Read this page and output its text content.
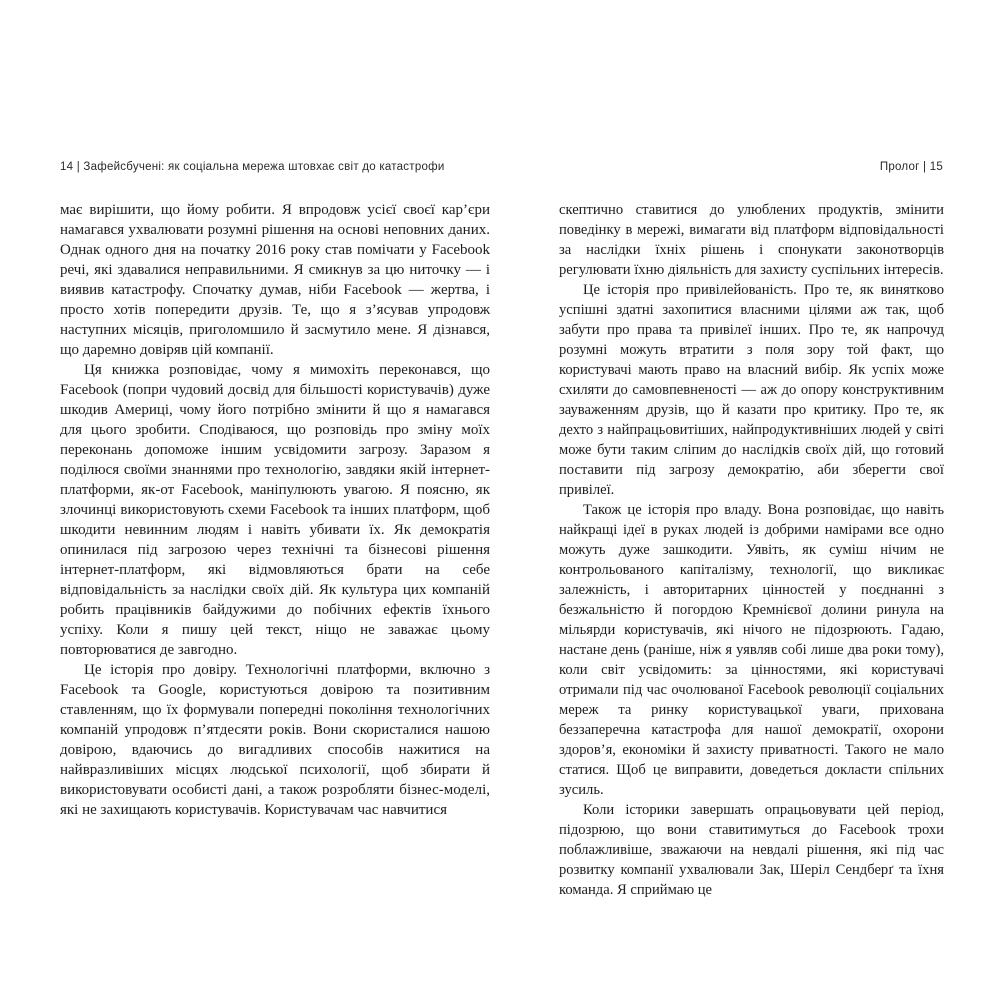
14 | Зафейсбучені: як соціальна мережа штовхає світ до катастрофи	Пролог | 15

має вирішити, що йому робити. Я впродовж усієї своєї кар’єри намагався ухвалювати розумні рішення на основі неповних даних. Однак одного дня на початку 2016 року став помічати у Facebook речі, які здавалися неправильними. Я смикнув за цю ниточку — і виявив катастрофу. Спочатку думав, ніби Facebook — жертва, і просто хотів попередити друзів. Те, що я з’ясував упродовж наступних місяців, приголомшило й засмутило мене. Я дізнався, що даремно довіряв цій компанії.

Ця книжка розповідає, чому я мимохіть переконався, що Facebook (попри чудовий досвід для більшості користувачів) дуже шкодив Америці, чому його потрібно змінити й що я намагався для цього зробити. Сподіваюся, що розповідь про зміну моїх переконань допоможе іншим усвідомити загрозу. Заразом я поділюся своїми знаннями про технологію, завдяки якій інтернет-платформи, як-от Facebook, маніпулюють увагою. Я поясню, як злочинці використовують схеми Facebook та інших платформ, щоб шкодити невинним людям і навіть убивати їх. Як демократія опинилася під загрозою через технічні та бізнесові рішення інтернет-платформ, які відмовляються брати на себе відповідальність за наслідки своїх дій. Як культура цих компаній робить працівників байдужими до побічних ефектів їхнього успіху. Коли я пишу цей текст, ніщо не заважає цьому повторюватися де завгодно.

Це історія про довіру. Технологічні платформи, включно з Facebook та Google, користуються довірою та позитивним ставленням, що їх формували попередні покоління технологічних компаній упродовж п’ятдесяти років. Вони скористалися нашою довірою, вдаючись до вигадливих способів нажитися на найвразливіших місцях людської психології, щоб збирати й використовувати особисті дані, а також розробляти бізнес-моделі, які не захищають користувачів. Користувачам час навчитися

скептично ставитися до улюблених продуктів, змінити поведінку в мережі, вимагати від платформ відповідальності за наслідки їхніх рішень і спонукати законотворців регулювати їхню діяльність для захисту суспільних інтересів.

Це історія про привілейованість. Про те, як винятково успішні здатні захопитися власними цілями аж так, щоб забути про права та привілеї інших. Про те, як напрочуд розумні можуть втратити з поля зору той факт, що користувачі мають право на власний вибір. Як успіх може схиляти до самовпевненості — аж до опору конструктивним зауваженням друзів, що й казати про критику. Про те, як дехто з найпрацьовитіших, найпродуктивніших людей у світі може бути таким сліпим до наслідків своїх дій, що готовий поставити під загрозу демократію, аби зберегти свої привілеї.

Також це історія про владу. Вона розповідає, що навіть найкращі ідеї в руках людей із добрими намірами все одно можуть дуже зашкодити. Уявіть, як суміш нічим не контрольованого капіталізму, технології, що викликає залежність, і авторитарних цінностей у поєднанні з безжальністю й погордою Кремнієвої долини ринула на мільярди користувачів, які нічого не підозрюють. Гадаю, настане день (раніше, ніж я уявляв собі лише два роки тому), коли світ усвідомить: за цінностями, які користувачі отримали під час очолюваної Facebook революції соціальних мереж та ринку користувацької уваги, прихована беззаперечна катастрофа для нашої демократії, охорони здоров’я, економіки й захисту приватності. Такого не мало статися. Щоб це виправити, доведеться докласти спільних зусиль.

Коли історики завершать опрацьовувати цей період, підозрюю, що вони ставитимуться до Facebook трохи поблажливіше, зважаючи на невдалі рішення, які під час розвитку компанії ухвалювали Зак, Шеріл Сендберґ та їхня команда. Я сприймаю це
